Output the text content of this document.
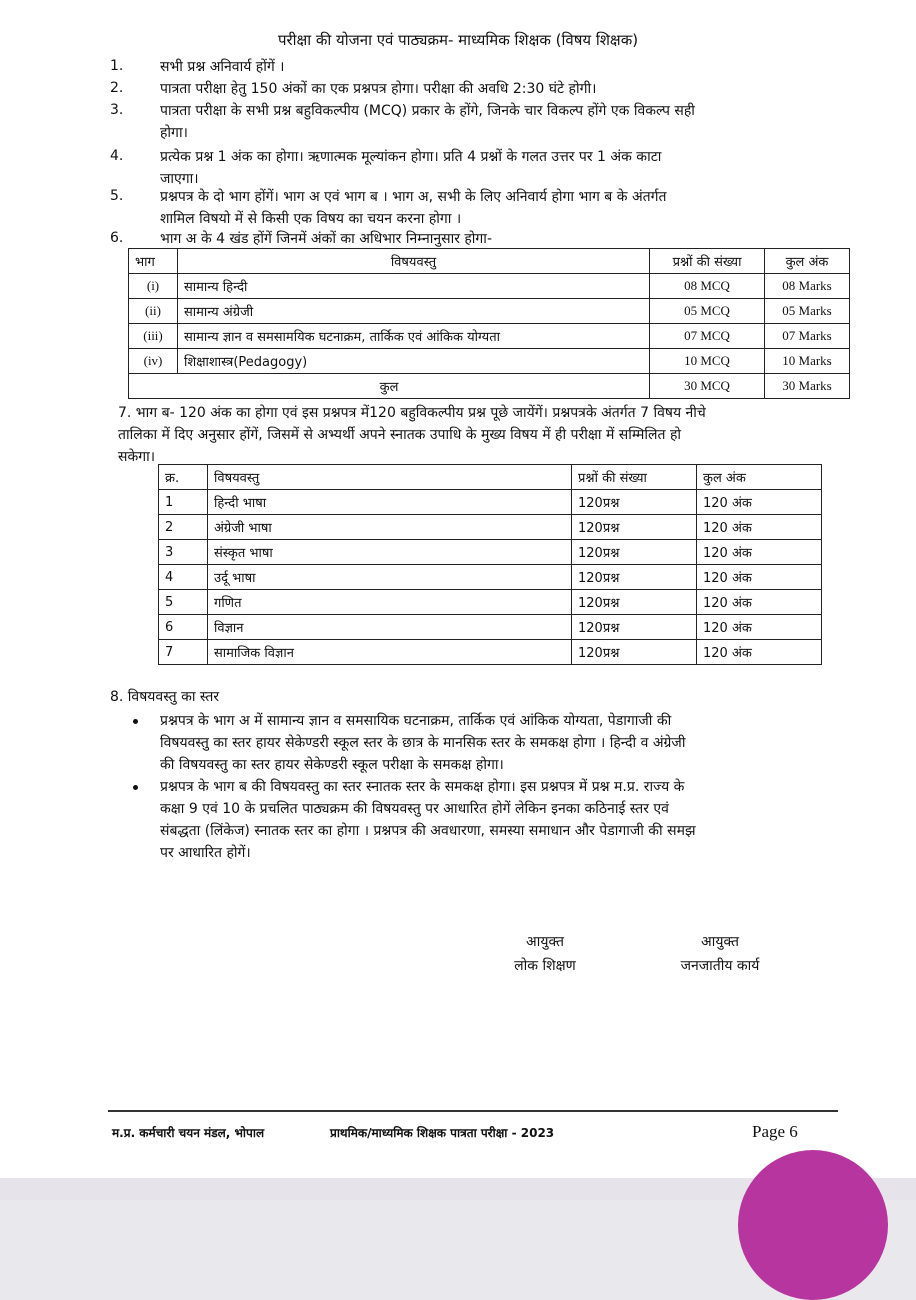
परीक्षा की योजना एवं पाठ्यक्रम- माध्यमिक शिक्षक (विषय शिक्षक)
1.	सभी प्रश्न अनिवार्य होंगें ।
2.	पात्रता परीक्षा हेतु 150 अंकों का एक प्रश्नपत्र होगा। परीक्षा की अवधि 2:30 घंटे होगी।
3.	पात्रता परीक्षा के सभी प्रश्न बहुविकल्पीय (MCQ) प्रकार के होंगे, जिनके चार विकल्प होंगे एक विकल्प सही
होगा।
4.	प्रत्येक प्रश्न 1 अंक का होगा। ऋणात्मक मूल्यांकन होगा। प्रति 4 प्रश्नों के गलत उत्तर पर 1 अंक काटा
जाएगा।
5.	प्रश्नपत्र के दो भाग होंगें। भाग अ एवं भाग ब । भाग अ, सभी के लिए अनिवार्य होगा भाग ब के अंतर्गत
शामिल विषयो में से किसी एक विषय का चयन करना होगा ।
6.	भाग अ के 4 खंड होंगें जिनमें अंकों का अधिभार निम्नानुसार होगा-
भाग	विषयवस्तु	प्रश्नों की संख्या	कुल अंक
(i)	सामान्य हिन्दी	08 MCQ	08 Marks
(ii)	सामान्य अंग्रेजी	05 MCQ	05 Marks
(iii)	सामान्य ज्ञान व समसामयिक घटनाक्रम, तार्किक एवं आंकिक योग्यता	07 MCQ	07 Marks
(iv)	शिक्षाशास्त्र(Pedagogy)	10 MCQ	10 Marks
कुल		30 MCQ	30 Marks
7. भाग ब- 120 अंक का होगा एवं इस प्रश्नपत्र में120 बहुविकल्पीय प्रश्न पूछे जायेंगें। प्रश्नपत्रके अंतर्गत 7 विषय नीचे
तालिका में दिए अनुसार होंगें, जिसमें से अभ्यर्थी अपने स्नातक उपाधि के मुख्य विषय में ही परीक्षा में सम्मिलित हो
सकेगा।
क्र.	विषयवस्तु	प्रश्नों की संख्या	कुल अंक
1	हिन्दी भाषा	120प्रश्न	120 अंक
2	अंग्रेजी भाषा	120प्रश्न	120 अंक
3	संस्कृत भाषा	120प्रश्न	120 अंक
4	उर्दू भाषा	120प्रश्न	120 अंक
5	गणित	120प्रश्न	120 अंक
6	विज्ञान	120प्रश्न	120 अंक
7	सामाजिक विज्ञान	120प्रश्न	120 अंक
8. विषयवस्तु का स्तर
प्रश्नपत्र के भाग अ में सामान्य ज्ञान व समसायिक घटनाक्रम, तार्किक एवं आंकिक योग्यता, पेडागाजी की
विषयवस्तु का स्तर हायर सेकेण्डरी स्कूल स्तर के छात्र के मानसिक स्तर के समकक्ष होगा । हिन्दी व अंग्रेजी
की विषयवस्तु का स्तर हायर सेकेण्डरी स्कूल परीक्षा के समकक्ष होगा।
प्रश्नपत्र के भाग ब की विषयवस्तु का स्तर स्नातक स्तर के समकक्ष होगा। इस प्रश्नपत्र में प्रश्न म.प्र. राज्य के
कक्षा 9 एवं 10 के प्रचलित पाठ्यक्रम की विषयवस्तु पर आधारित होगें लेकिन इनका कठिनाई स्तर एवं
संबद्धता (लिंकेज) स्नातक स्तर का होगा । प्रश्नपत्र की अवधारणा, समस्या समाधान और पेडागाजी की समझ
पर आधारित होगें।
आयुक्त
लोक शिक्षण
आयुक्त
जनजातीय कार्य
म.प्र. कर्मचारी चयन मंडल, भोपाल	प्राथमिक/माध्यमिक शिक्षक पात्रता परीक्षा - 2023	Page 6
